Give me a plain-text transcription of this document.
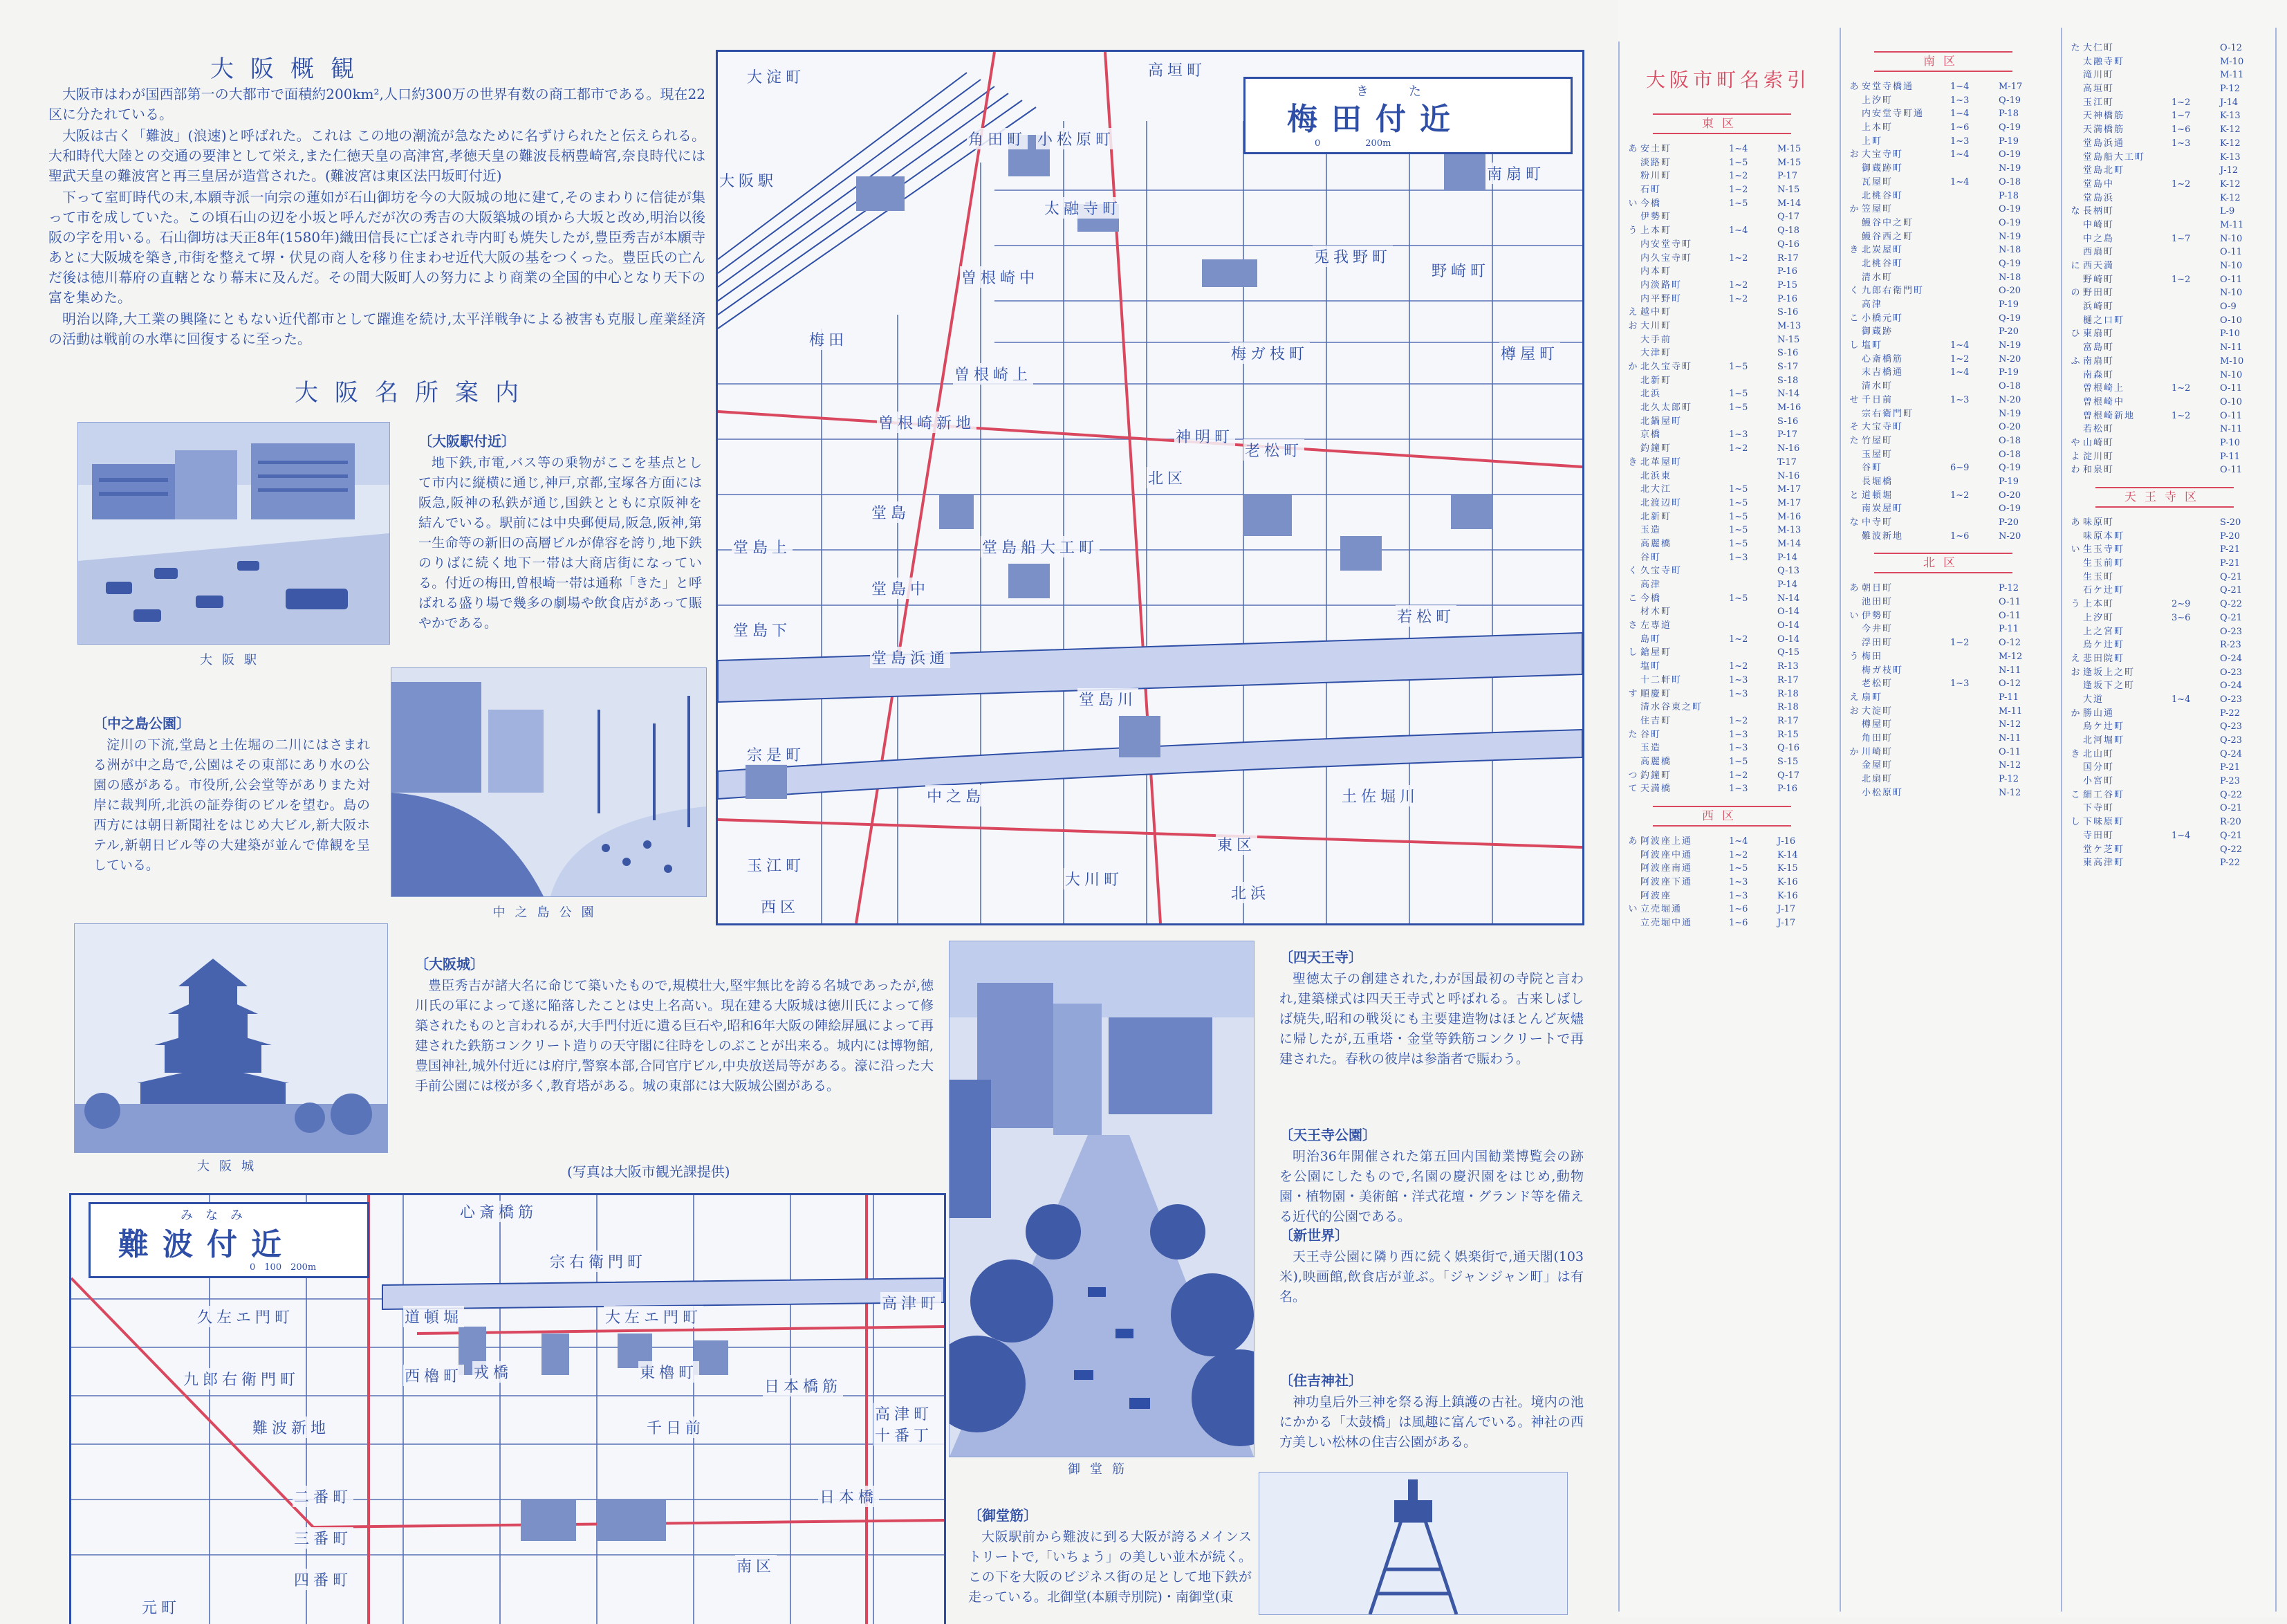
大阪概観

大阪市はわが国西部第一の大都市で面積約200km²,人口約300万の世界有数の商工都市である。現在22区に分たれている。

大阪は古く「難波」(浪速)と呼ばれた。これは この地の潮流が急なために名ずけられたと伝えられる。大和時代大陸との交通の要津として栄え,また仁徳天皇の高津宮,孝徳天皇の難波長柄豊崎宮,奈良時代には聖武天皇の難波宮と再三皇居が造営された。(難波宮は東区法円坂町付近)

下って室町時代の末,本願寺派一向宗の蓮如が石山御坊を今の大阪城の地に建て,そのまわりに信徒が集って市を成していた。この頃石山の辺を小坂と呼んだが次の秀吉の大阪築城の頃から大坂と改め,明治以後阪の字を用いる。石山御坊は天正8年(1580年)織田信長に亡ぼされ寺内町も焼失したが,豊臣秀吉が本願寺あとに大阪城を築き,市街を整えて堺・伏見の商人を移り住まわせ近代大阪の基をつくった。豊臣氏の亡んだ後は徳川幕府の直轄となり幕末に及んだ。その間大阪町人の努力により商業の全国的中心となり天下の富を集めた。

明治以降,大工業の興隆にともない近代都市として躍進を続け,太平洋戦争による被害も克服し産業経済の活動は戦前の水準に回復するに至った。

大阪名所案内
大阪駅
〔大阪駅付近〕
地下鉄,市電,バス等の乗物がここを基点として市内に縦横に通じ,神戸,京都,宝塚各方面には阪急,阪神の私鉄が通じ,国鉄とともに京阪神を結んでいる。駅前には中央郵便局,阪急,阪神,第一生命等の新旧の高層ビルが偉容を誇り,地下鉄のりばに続く地下一帯は大商店街になっている。付近の梅田,曽根崎一帯は通称「きた」と呼ばれる盛り場で幾多の劇場や飲食店があって賑やかである。
中之島公園
〔中之島公園〕
淀川の下流,堂島と土佐堀の二川にはさまれる洲が中之島で,公園はその東部にあり水の公園の感がある。市役所,公会堂等がありまた対岸に裁判所,北浜の証券街のビルを望む。島の西方には朝日新聞社をはじめ大ビル,新大阪ホテル,新朝日ビル等の大建築が並んで偉観を呈している。
大阪城
〔大阪城〕
豊臣秀吉が諸大名に命じて築いたもので,規模壮大,堅牢無比を誇る名城であったが,徳川氏の軍によって遂に陥落したことは史上名高い。現在建る大阪城は徳川氏によって修築されたものと言われるが,大手門付近に遺る巨石や,昭和6年大阪の陣絵屏風によって再建された鉄筋コンクリート造りの天守閣に往時をしのぶことが出来る。城内には博物館,豊国神社,城外付近には府庁,警察本部,合同官庁ビル,中央放送局等がある。濠に沿った大手前公園には桜が多く,教育塔がある。城の東部には大阪城公園がある。
(写真は大阪市観光課提供)
御堂筋
〔四天王寺〕
聖徳太子の創建された,わが国最初の寺院と言われ,建築様式は四天王寺式と呼ばれる。古来しばしば焼失,昭和の戦災にも主要建造物はほとんど灰燼に帰したが,五重塔・金堂等鉄筋コンクリートで再建された。春秋の彼岸は参詣者で賑わう。
〔天王寺公園〕
明治36年開催された第五回内国勧業博覧会の跡を公園にしたもので,名園の慶沢園をはじめ,動物園・植物園・美術館・洋式花壇・グランド等を備える近代的公園である。
〔新世界〕
天王寺公園に隣り西に続く娯楽街で,通天閣(103米),映画館,飲食店が並ぶ。「ジャンジャン町」は有名。
〔住吉神社〕
神功皇后外三神を祭る海上鎮護の古社。境内の池にかかる「太鼓橋」は風趣に富んでいる。神社の西方美しい松林の住吉公園がある。
〔御堂筋〕
大阪駅前から難波に到る大阪が誇るメインストリートで,「いちょう」の美しい並木が続く。この下を大阪のビジネス街の足として地下鉄が走っている。北御堂(本願寺別院)・南御堂(東
き　た
梅田付近
0　　　　　200m
大淀町	高垣町
小松原町
角田町
南扇町
太融寺町
曽根崎中
曽根崎上
曽根崎新地
梅田
梅ガ枝町
神明町
老松町
堂島上
堂島
堂島中
堂島浜通
堂島下
堂島船大工町
堂島川
北区
宗是町
玉江町
中之島	土佐堀川
大川町
北浜
東区
西区
兎我野町
野崎町
若松町
樽屋町
大阪駅
みなみ
難波付近
0　100　200m
心斎橋筋
宗右衛門町
久左エ門町
九郎右衛門町
難波新地
道頓堀	大左エ門町
東櫓町
西櫓町
日本橋筋
高津町
千日前
南区
元町
二番町
三番町
四番町
戎橋
日本橋
高津町十番丁
大阪市町名索引
東区
あ 安土町	1~4	M-15
淡路町	1~5	M-15
粉川町	1~2	P-17
石町	1~2	N-15
い 今橋	1~5	M-14
伊勢町	Q-17
う 上本町	1~4	Q-18
内安堂寺町	Q-16
内久宝寺町	1~2	R-17
内本町	P-16
内淡路町	1~2	P-15
内平野町	1~2	P-16
え 越中町	S-16
お 大川町	M-13
大手前	N-15
大津町	S-16
か 北久宝寺町	1~5	S-17
北新町	S-18
北浜	1~5	N-14
北久太郎町	1~5	M-16
北鍋屋町	S-16
京橋	1~3	P-17
釣鐘町	1~2	N-16
き 北革屋町	T-17
北浜東	N-16
北大江	1~5	M-17
北渡辺町	1~5	M-17
北新町	1~5	M-16
玉造	1~5	M-13
高麗橋	1~5	M-14
谷町	1~3	P-14
く 久宝寺町	Q-13
高津	P-14
こ 今橋	1~5	N-14
材木町	O-14
さ 左専道	O-14
島町	1~2	O-14
し 鎗屋町	Q-15
塩町	1~2	R-13
十二軒町	1~3	R-17
す 順慶町	1~3	R-18
清水谷東之町	R-18
住吉町	1~2	R-17
た 谷町	1~3	R-15
玉造	1~3	Q-16
高麗橋	1~5	S-15
つ 釣鐘町	1~2	Q-17
て 天満橋	1~3	P-16
西区
あ 阿波座上通	1~4	J-16
阿波座中通	1~2	K-14
阿波座南通	1~5	K-15
阿波座下通	1~3	K-16
阿波座	1~3	K-16
い 立売堀通	1~6	J-17
立売堀中通	1~6	J-17
南区
あ 安堂寺橋通	1~4	M-17
上汐町	1~3	Q-19
内安堂寺町通	1~4	P-18
上本町	1~6	Q-19
上町	1~3	P-19
お 大宝寺町	1~4	O-19
御蔵跡町	N-19
瓦屋町	1~4	O-18
北桃谷町	P-18
か 笠屋町	O-19
鰻谷中之町	O-19
鰻谷西之町	N-19
き 北炭屋町	N-18
北桃谷町	Q-19
清水町	N-18
く 九郎右衛門町	O-20
高津	P-19
こ 小橋元町	Q-19
御蔵跡	P-20
し 塩町	1~4	N-19
心斎橋筋	1~2	N-20
末吉橋通	1~4	P-19
清水町	O-18
せ 千日前	1~3	N-20
宗右衛門町	N-19
そ 大宝寺町	O-20
た 竹屋町	O-18
玉屋町	O-18
谷町	6~9	Q-19
長堀橋	P-19
と 道頓堀	1~2	O-20
南炭屋町	O-19
な 中寺町	P-20
難波新地	1~6	N-20
北区
あ 朝日町	P-12
池田町	O-11
い 伊勢町	O-11
今井町	P-11
浮田町	1~2	O-12
う 梅田	M-12
梅ガ枝町	N-11
老松町	1~3	O-12
え 扇町	P-11
お 大淀町	M-11
樽屋町	N-12
角田町	N-11
か 川崎町	O-11
金屋町	N-12
北扇町	P-12
小松原町	N-12
た 大仁町	O-12
太融寺町	M-10
滝川町	M-11
高垣町	P-12
玉江町	1~2	J-14
天神橋筋	1~7	K-13
天満橋筋	1~6	K-12
堂島浜通	1~3	K-12
堂島船大工町	K-13
堂島北町	J-12
堂島中	1~2	K-12
堂島浜	K-12
な 長柄町	L-9
中崎町	M-11
中之島	1~7	N-10
西扇町	O-11
に 西天満	N-10
野崎町	1~2	O-11
の 野田町	N-10
浜崎町	O-9
樋之口町	O-10
ひ 東扇町	P-10
富島町	N-11
ふ 南扇町	M-10
南森町	N-10
曽根崎上	1~2	O-11
曽根崎中	O-10
曽根崎新地	1~2	O-11
若松町	N-11
や 山崎町	P-10
よ 淀川町	P-11
わ 和泉町	O-11
天王寺区
あ 味原町	S-20
味原本町	P-20
い 生玉寺町	P-21
生玉前町	P-21
生玉町	Q-21
石ケ辻町	Q-21
う 上本町	2~9	Q-22
上汐町	3~6	Q-21
上之宮町	O-23
烏ケ辻町	R-23
え 悲田院町	O-24
お 逢坂上之町	O-23
逢坂下之町	O-24
大道	1~4	O-23
か 勝山通	P-22
烏ケ辻町	Q-23
北河堀町	Q-23
き 北山町	Q-24
国分町	P-21
小宮町	P-23
こ 細工谷町	Q-22
下寺町	O-21
し 下味原町	R-20
寺田町	1~4	Q-21
堂ケ芝町	Q-22
東高津町	P-22
